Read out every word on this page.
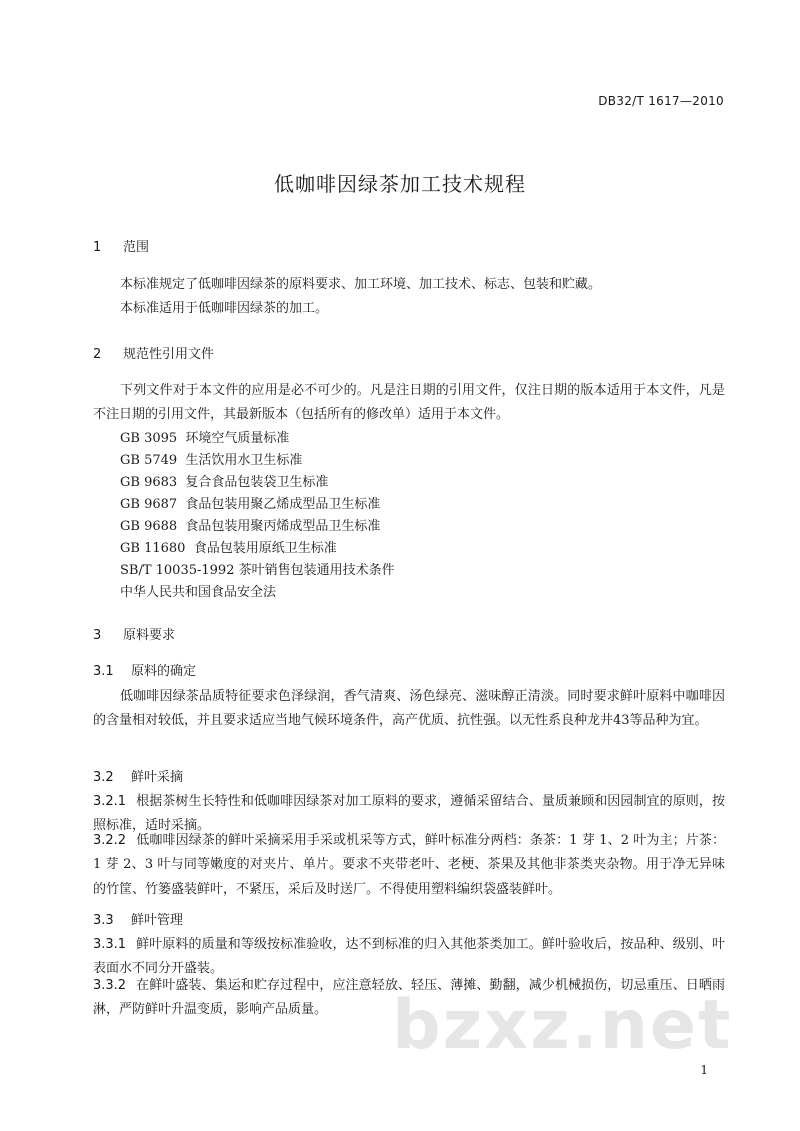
DB32/T 1617—2010
低咖啡因绿茶加工技术规程
1 范围
本标准规定了低咖啡因绿茶的原料要求、加工环境、加工技术、标志、包装和贮藏。
本标准适用于低咖啡因绿茶的加工。
2 规范性引用文件
下列文件对于本文件的应用是必不可少的。凡是注日期的引用文件，仅注日期的版本适用于本文件，凡是不注日期的引用文件，其最新版本（包括所有的修改单）适用于本文件。
GB 3095 环境空气质量标准
GB 5749 生活饮用水卫生标准
GB 9683 复合食品包装袋卫生标准
GB 9687 食品包装用聚乙烯成型品卫生标准
GB 9688 食品包装用聚丙烯成型品卫生标准
GB 11680 食品包装用原纸卫生标准
SB/T 10035-1992 茶叶销售包装通用技术条件
中华人民共和国食品安全法
3 原料要求
3.1 原料的确定
低咖啡因绿茶品质特征要求色泽绿润，香气清爽、汤色绿亮、滋味醇正清淡。同时要求鲜叶原料中咖啡因的含量相对较低，并且要求适应当地气候环境条件，高产优质、抗性强。以无性系良种龙井43等品种为宜。
3.2 鲜叶采摘
3.2.1 根据茶树生长特性和低咖啡因绿茶对加工原料的要求，遵循采留结合、量质兼顾和因园制宜的原则，按照标准，适时采摘。
3.2.2 低咖啡因绿茶的鲜叶采摘采用手采或机采等方式，鲜叶标准分两档：条茶：1 芽 1、2 叶为主；片茶：1 芽 2、3 叶与同等嫩度的对夹片、单片。要求不夹带老叶、老梗、茶果及其他非茶类夹杂物。用于净无异味的竹筐、竹篓盛装鲜叶，不紧压，采后及时送厂。不得使用塑料编织袋盛装鲜叶。
3.3 鲜叶管理
3.3.1 鲜叶原料的质量和等级按标准验收，达不到标准的归入其他茶类加工。鲜叶验收后，按品种、级别、叶表面水不同分开盛装。
3.3.2 在鲜叶盛装、集运和贮存过程中，应注意轻放、轻压、薄摊、勤翻，减少机械损伤，切忌重压、日晒雨淋，严防鲜叶升温变质，影响产品质量。 bzxz.net
1
